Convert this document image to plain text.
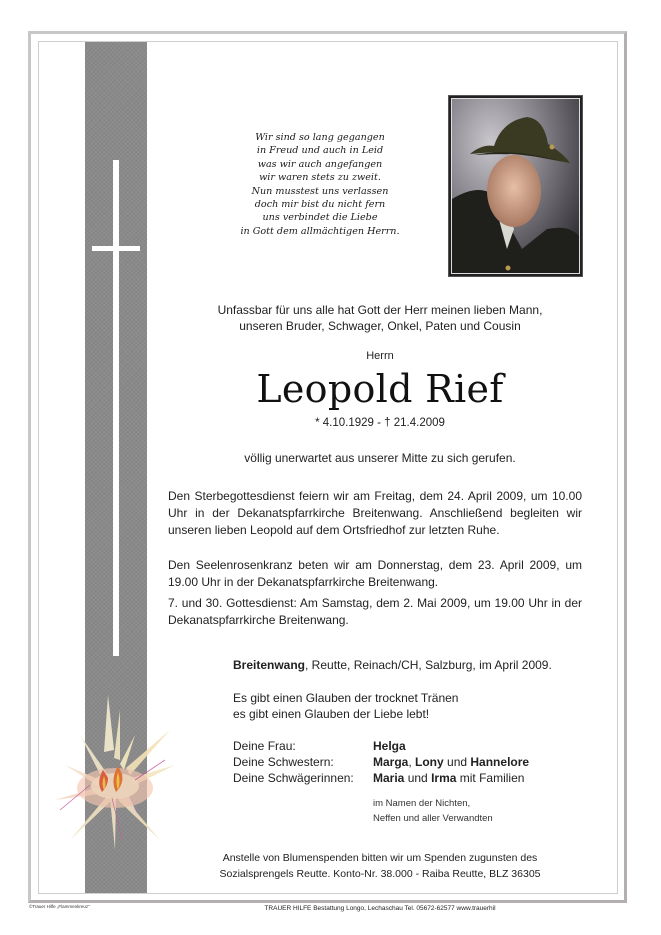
Wir sind so lang gegangen
in Freud und auch in Leid
was wir auch angefangen
wir waren stets zu zweit.
Nun musstest uns verlassen
doch mir bist du nicht fern
uns verbindet die Liebe
in Gott dem allmächtigen Herrn.
Unfassbar für uns alle hat Gott der Herr meinen lieben Mann,
unseren Bruder, Schwager, Onkel, Paten und Cousin
Herrn
Leopold Rief
* 4.10.1929 - † 21.4.2009
völlig unerwartet aus unserer Mitte zu sich gerufen.
Den Sterbegottesdienst feiern wir am Freitag, dem 24. April 2009, um 10.00 Uhr in der Dekanatspfarrkirche Breitenwang. Anschließend begleiten wir unseren lieben Leopold auf dem Ortsfriedhof zur letzten Ruhe.
Den Seelenrosenkranz beten wir am Donnerstag, dem 23. April 2009, um 19.00 Uhr in der Dekanatspfarrkirche Breitenwang.
7. und 30. Gottesdienst: Am Samstag, dem 2. Mai 2009, um 19.00 Uhr in der Dekanatspfarrkirche Breitenwang.
Breitenwang, Reutte, Reinach/CH, Salzburg, im April 2009.
Es gibt einen Glauben der trocknet Tränen
es gibt einen Glauben der Liebe lebt!
Deine Frau:	Helga
Deine Schwestern:	Marga, Lony und Hannelore
Deine Schwägerinnen:	Maria und Irma mit Familien
im Namen der Nichten,
Neffen und aller Verwandten
Anstelle von Blumenspenden bitten wir um Spenden zugunsten des
Sozialsprengels Reutte. Konto-Nr. 38.000 - Raiba Reutte, BLZ 36305
©Trauer Hilfe „Flammenkreuz"	TRAUER HILFE Bestattung Longo, Lechaschau Tel. 05672-62577 www.trauerhil
